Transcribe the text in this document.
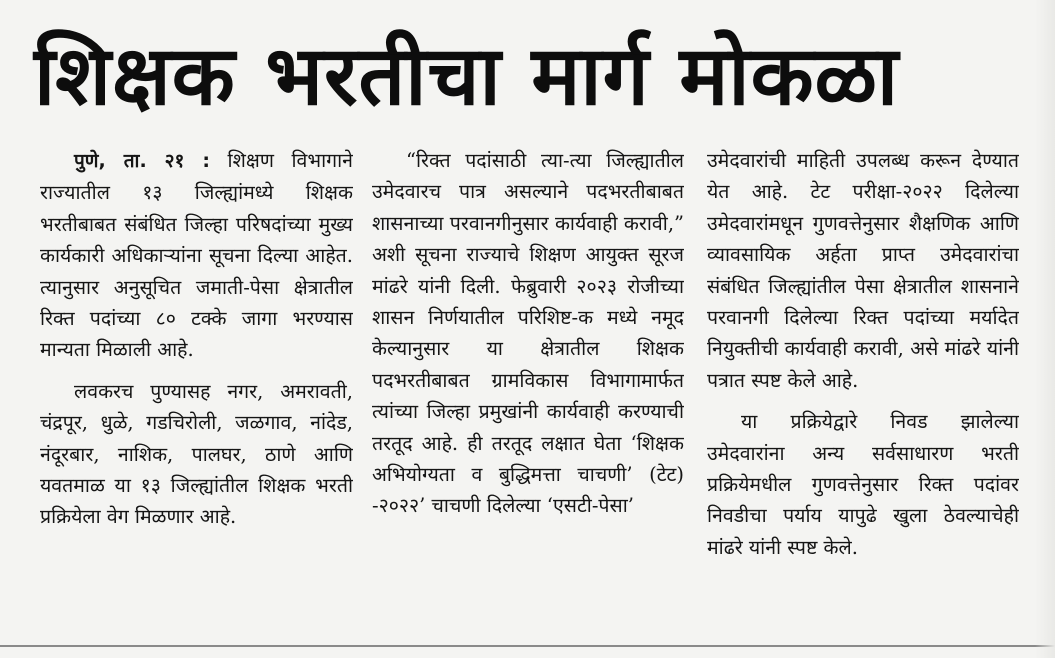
शिक्षक भरतीचा मार्ग मोकळा

पुणे, ता. २१ : शिक्षण विभागाने राज्यातील १३ जिल्ह्यांमध्ये शिक्षक भरतीबाबत संबंधित जिल्हा परिषदांच्या मुख्य कार्यकारी अधिकाऱ्यांना सूचना दिल्या आहेत. त्यानुसार अनुसूचित जमाती-पेसा क्षेत्रातील रिक्त पदांच्या ८० टक्के जागा भरण्यास मान्यता मिळाली आहे.

लवकरच पुण्यासह नगर, अमरावती, चंद्रपूर, धुळे, गडचिरोली, जळगाव, नांदेड, नंदूरबार, नाशिक, पालघर, ठाणे आणि यवतमाळ या १३ जिल्ह्यांतील शिक्षक भरती प्रक्रियेला वेग मिळणार आहे.

“रिक्त पदांसाठी त्या-त्या जिल्ह्यातील उमेदवारच पात्र असल्याने पदभरतीबाबत शासनाच्या परवानगीनुसार कार्यवाही करावी,” अशी सूचना राज्याचे शिक्षण आयुक्त सूरज मांढरे यांनी दिली. फेब्रुवारी २०२३ रोजीच्या शासन निर्णयातील परिशिष्ट-क मध्ये नमूद केल्यानुसार या क्षेत्रातील शिक्षक पदभरतीबाबत ग्रामविकास विभागामार्फत त्यांच्या जिल्हा प्रमुखांनी कार्यवाही करण्याची तरतूद आहे. ही तरतूद लक्षात घेता ‘शिक्षक अभियोग्यता व बुद्धिमत्ता चाचणी’ (टेट) -२०२२’ चाचणी दिलेल्या ‘एसटी-पेसा’

उमेदवारांची माहिती उपलब्ध करून देण्यात येत आहे. टेट परीक्षा-२०२२ दिलेल्या उमेदवारांमधून गुणवत्तेनुसार शैक्षणिक आणि व्यावसायिक अर्हता प्राप्त उमेदवारांचा संबंधित जिल्ह्यांतील पेसा क्षेत्रातील शासनाने परवानगी दिलेल्या रिक्त पदांच्या मर्यादेत नियुक्तीची कार्यवाही करावी, असे मांढरे यांनी पत्रात स्पष्ट केले आहे.

या प्रक्रियेद्वारे निवड झालेल्या उमेदवारांना अन्य सर्वसाधारण भरती प्रक्रियेमधील गुणवत्तेनुसार रिक्त पदांवर निवडीचा पर्याय यापुढे खुला ठेवल्याचेही मांढरे यांनी स्पष्ट केले.
